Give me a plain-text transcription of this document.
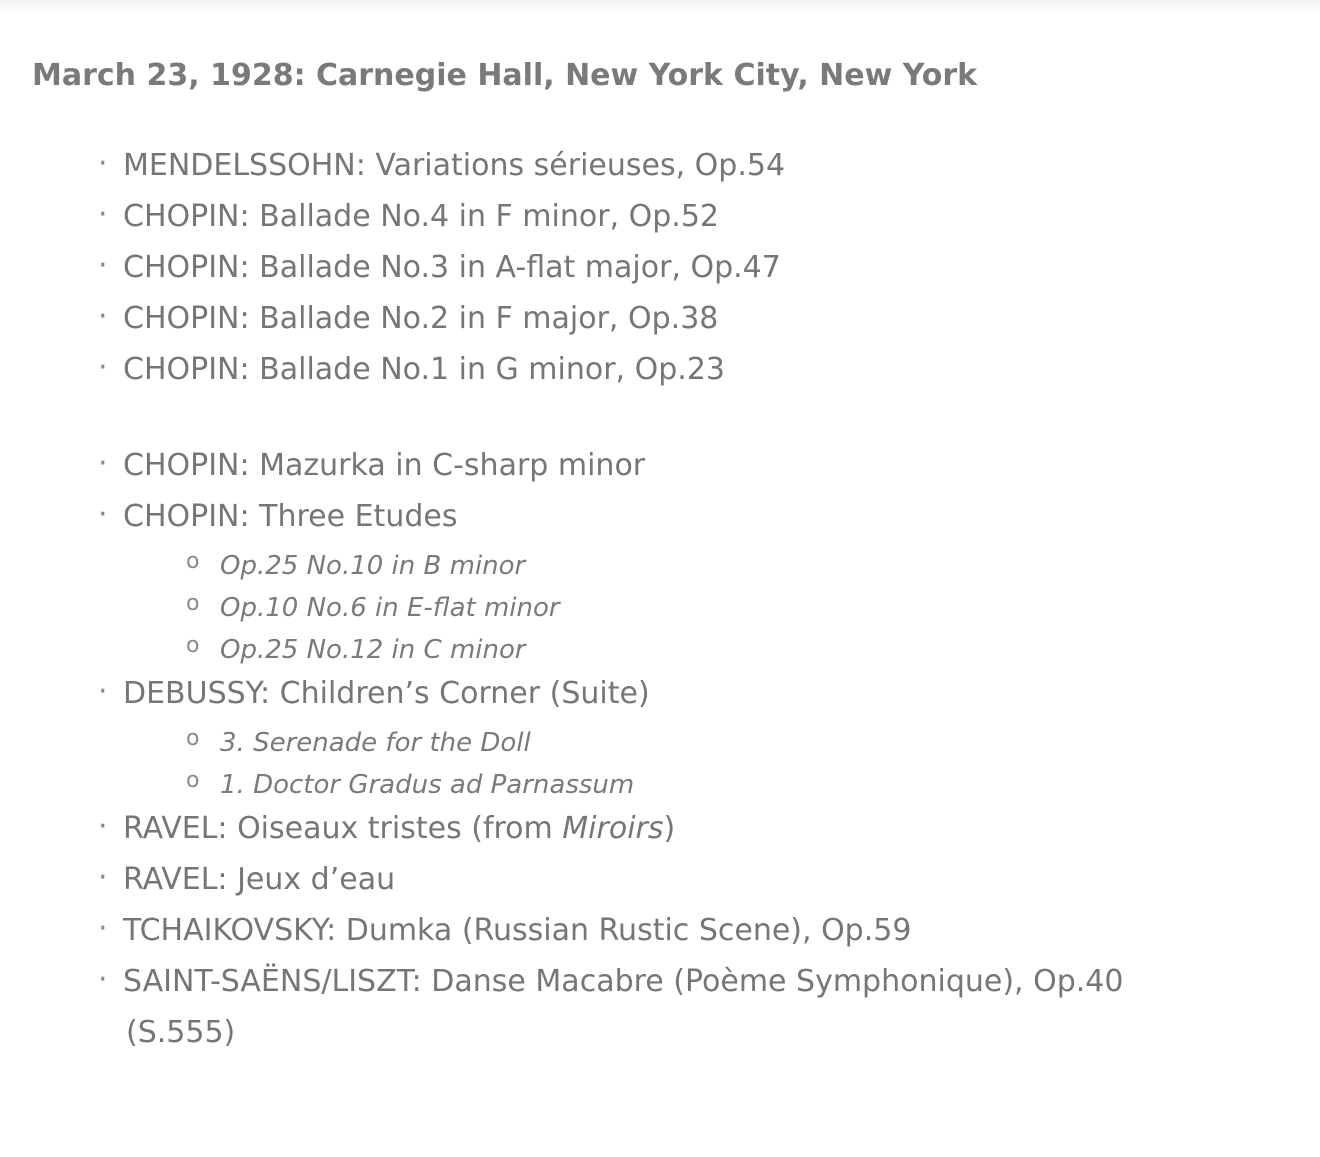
March 23, 1928: Carnegie Hall, New York City, New York
· MENDELSSOHN: Variations sérieuses, Op.54
· CHOPIN: Ballade No.4 in F minor, Op.52
· CHOPIN: Ballade No.3 in A-flat major, Op.47
· CHOPIN: Ballade No.2 in F major, Op.38
· CHOPIN: Ballade No.1 in G minor, Op.23
· CHOPIN: Mazurka in C-sharp minor
· CHOPIN: Three Etudes
o Op.25 No.10 in B minor
o Op.10 No.6 in E-flat minor
o Op.25 No.12 in C minor
· DEBUSSY: Children’s Corner (Suite)
o 3. Serenade for the Doll
o 1. Doctor Gradus ad Parnassum
· RAVEL: Oiseaux tristes (from Miroirs)
· RAVEL: Jeux d’eau
· TCHAIKOVSKY: Dumka (Russian Rustic Scene), Op.59
· SAINT-SAËNS/LISZT: Danse Macabre (Poème Symphonique), Op.40
(S.555)
